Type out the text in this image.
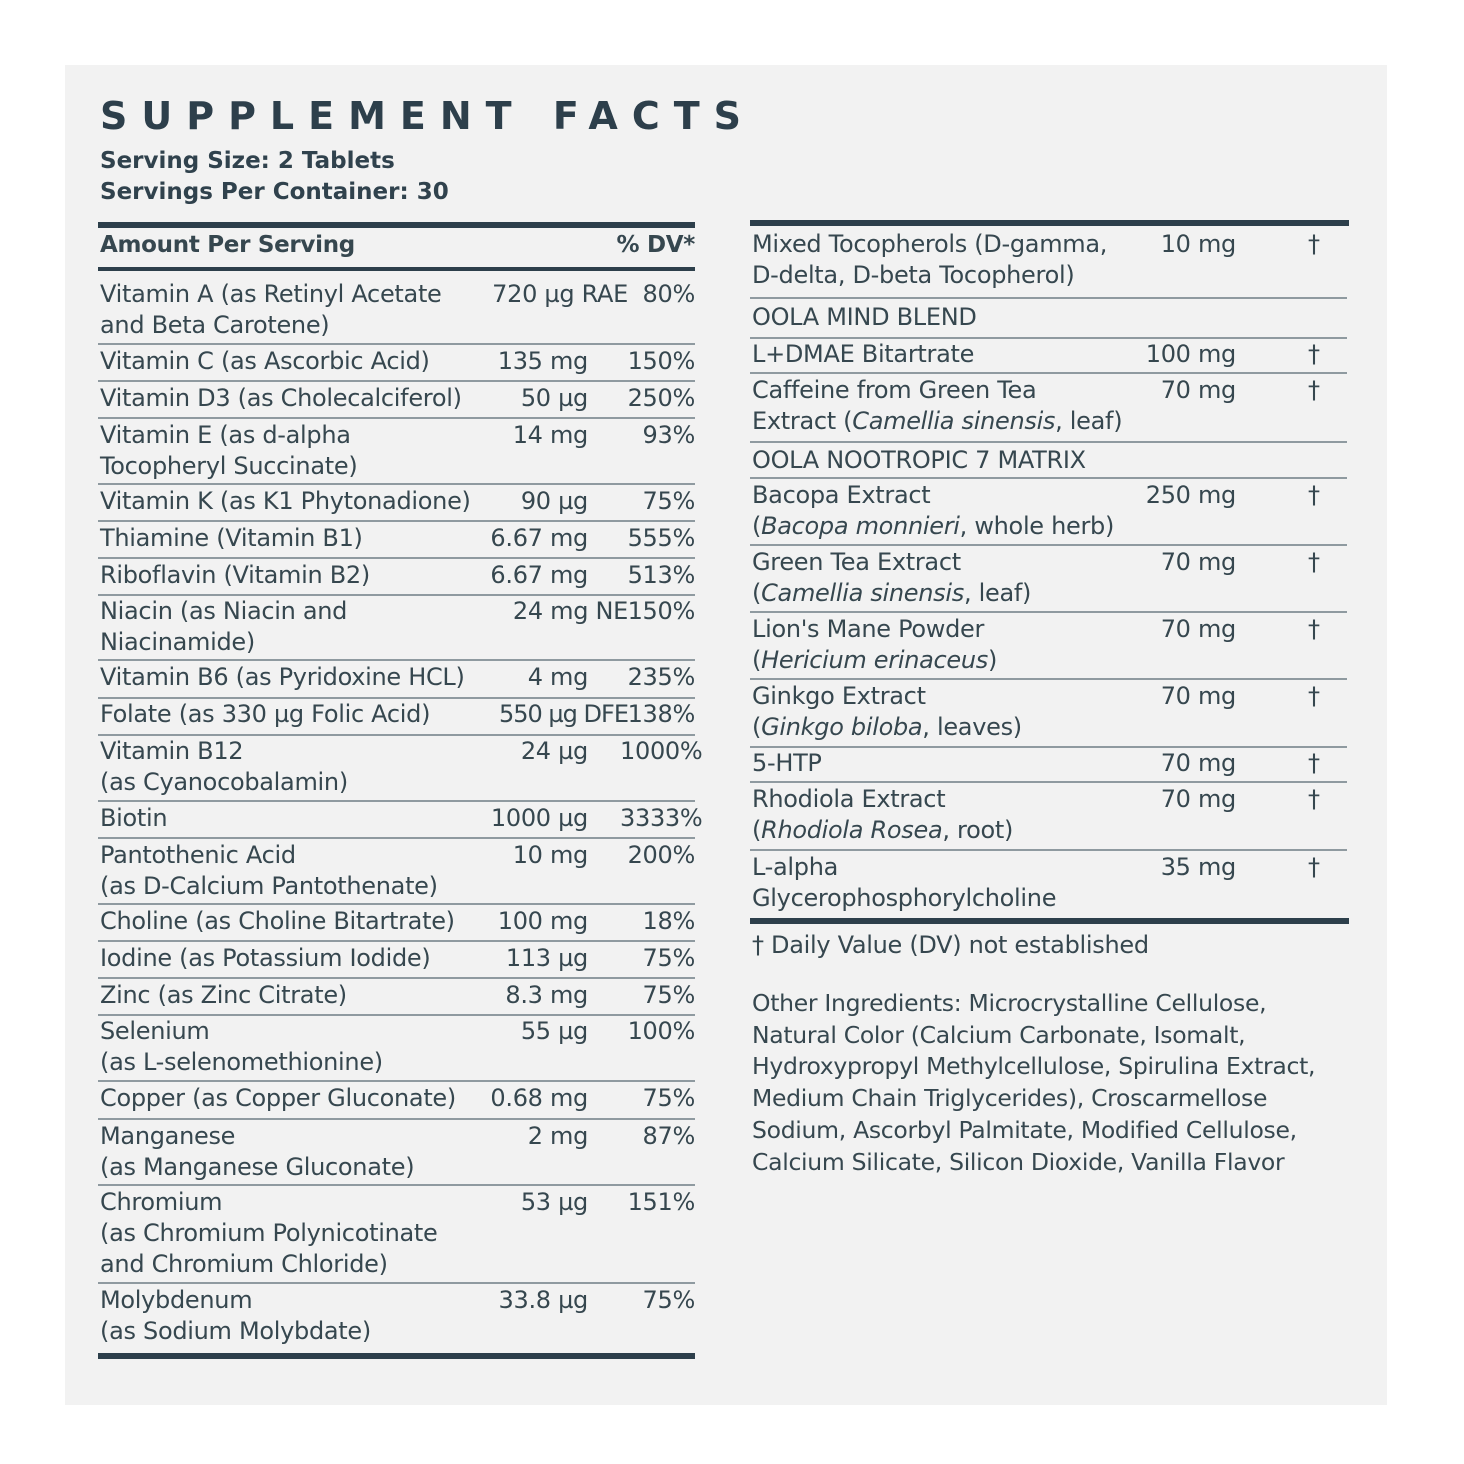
SUPPLEMENT FACTS
Serving Size: 2 Tablets
Servings Per Container: 30
Amount Per Serving	% DV*
Vitamin A (as Retinyl Acetate
and Beta Carotene)
720 µg RAE 80%
Vitamin C (as Ascorbic Acid)	135 mg	150%
Vitamin D3 (as Cholecalciferol)	50 µg	250%
Vitamin E (as d-alpha
Tocopheryl Succinate)
14 mg	93%
Vitamin K (as K1 Phytonadione)	90 µg	75%
Thiamine (Vitamin B1)	6.67 mg	555%
Riboflavin (Vitamin B2)	6.67 mg	513%
Niacin (as Niacin and
Niacinamide)
24 mg NE 150%
Vitamin B6 (as Pyridoxine HCL)	4 mg	235%
Folate (as 330 µg Folic Acid)	550 µg DFE 138%
Vitamin B12
(as Cyanocobalamin)
24 µg 1000%
Biotin	1000 µg 3333%
Pantothenic Acid
(as D-Calcium Pantothenate)
10 mg	200%
Choline (as Choline Bitartrate)	100 mg	18%
Iodine (as Potassium Iodide)	113 µg	75%
Zinc (as Zinc Citrate)	8.3 mg	75%
Selenium
(as L-selenomethionine)
55 µg	100%
Copper (as Copper Gluconate)	0.68 mg	75%
Manganese
(as Manganese Gluconate)
2 mg	87%
Chromium
(as Chromium Polynicotinate
and Chromium Chloride)
53 µg	151%
Molybdenum
(as Sodium Molybdate)
33.8 µg	75%
Mixed Tocopherols (D-gamma,
D-delta, D-beta Tocopherol)
10 mg	†
OOLA MIND BLEND
L+DMAE Bitartrate	100 mg	†
Caffeine from Green Tea
Extract (Camellia sinensis, leaf)
70 mg	†
OOLA NOOTROPIC 7 MATRIX
Bacopa Extract
(Bacopa monnieri, whole herb)
250 mg	†
Green Tea Extract
(Camellia sinensis, leaf)
70 mg	†
Lion's Mane Powder
(Hericium erinaceus)
70 mg	†
Ginkgo Extract
(Ginkgo biloba, leaves)
70 mg	†
5-HTP	70 mg	†
Rhodiola Extract
(Rhodiola Rosea, root)
70 mg	†
L-alpha
Glycerophosphorylcholine
35 mg	†
† Daily Value (DV) not established
Other Ingredients: Microcrystalline Cellulose, Natural Color (Calcium Carbonate, Isomalt, Hydroxypropyl Methylcellulose, Spirulina Extract, Medium Chain Triglycerides), Croscarmellose Sodium, Ascorbyl Palmitate, Modified Cellulose, Calcium Silicate, Silicon Dioxide, Vanilla Flavor
